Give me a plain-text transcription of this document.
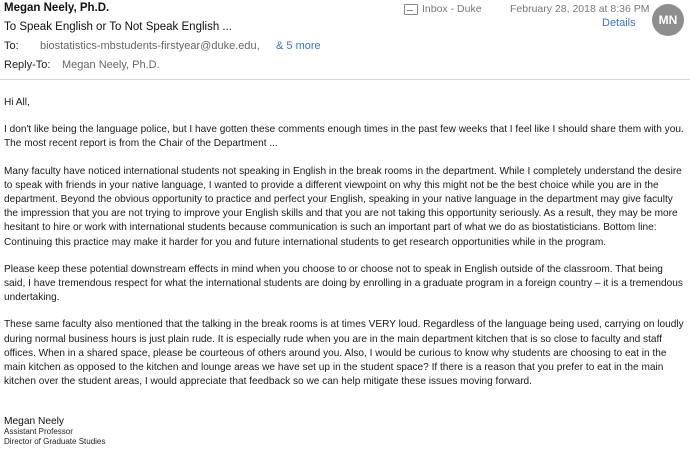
Megan Neely, Ph.D.
To Speak English or To Not Speak English ...
To: biostatistics-mbstudents-firstyear@duke.edu, & 5 more
Reply-To: Megan Neely, Ph.D.
Inbox - Duke	February 28, 2018 at 8:36 PM
Details	MN

Hi All,

I don't like being the language police, but I have gotten these comments enough times in the past few weeks that I feel like I should share them with you. The most recent report is from the Chair of the Department ...

Many faculty have noticed international students not speaking in English in the break rooms in the department. While I completely understand the desire to speak with friends in your native language, I wanted to provide a different viewpoint on why this might not be the best choice while you are in the department. Beyond the obvious opportunity to practice and perfect your English, speaking in your native language in the department may give faculty the impression that you are not trying to improve your English skills and that you are not taking this opportunity seriously. As a result, they may be more hesitant to hire or work with international students because communication is such an important part of what we do as biostatisticians. Bottom line: Continuing this practice may make it harder for you and future international students to get research opportunities while in the program.

Please keep these potential downstream effects in mind when you choose to or choose not to speak in English outside of the classroom. That being said, I have tremendous respect for what the international students are doing by enrolling in a graduate program in a foreign country – it is a tremendous undertaking.

These same faculty also mentioned that the talking in the break rooms is at times VERY loud. Regardless of the language being used, carrying on loudly during normal business hours is just plain rude. It is especially rude when you are in the main department kitchen that is so close to faculty and staff offices. When in a shared space, please be courteous of others around you. Also, I would be curious to know why students are choosing to eat in the main kitchen as opposed to the kitchen and lounge areas we have set up in the student space? If there is a reason that you prefer to eat in the main kitchen over the student areas, I would appreciate that feedback so we can help mitigate these issues moving forward.

Megan Neely
Assistant Professor
Director of Graduate Studies
